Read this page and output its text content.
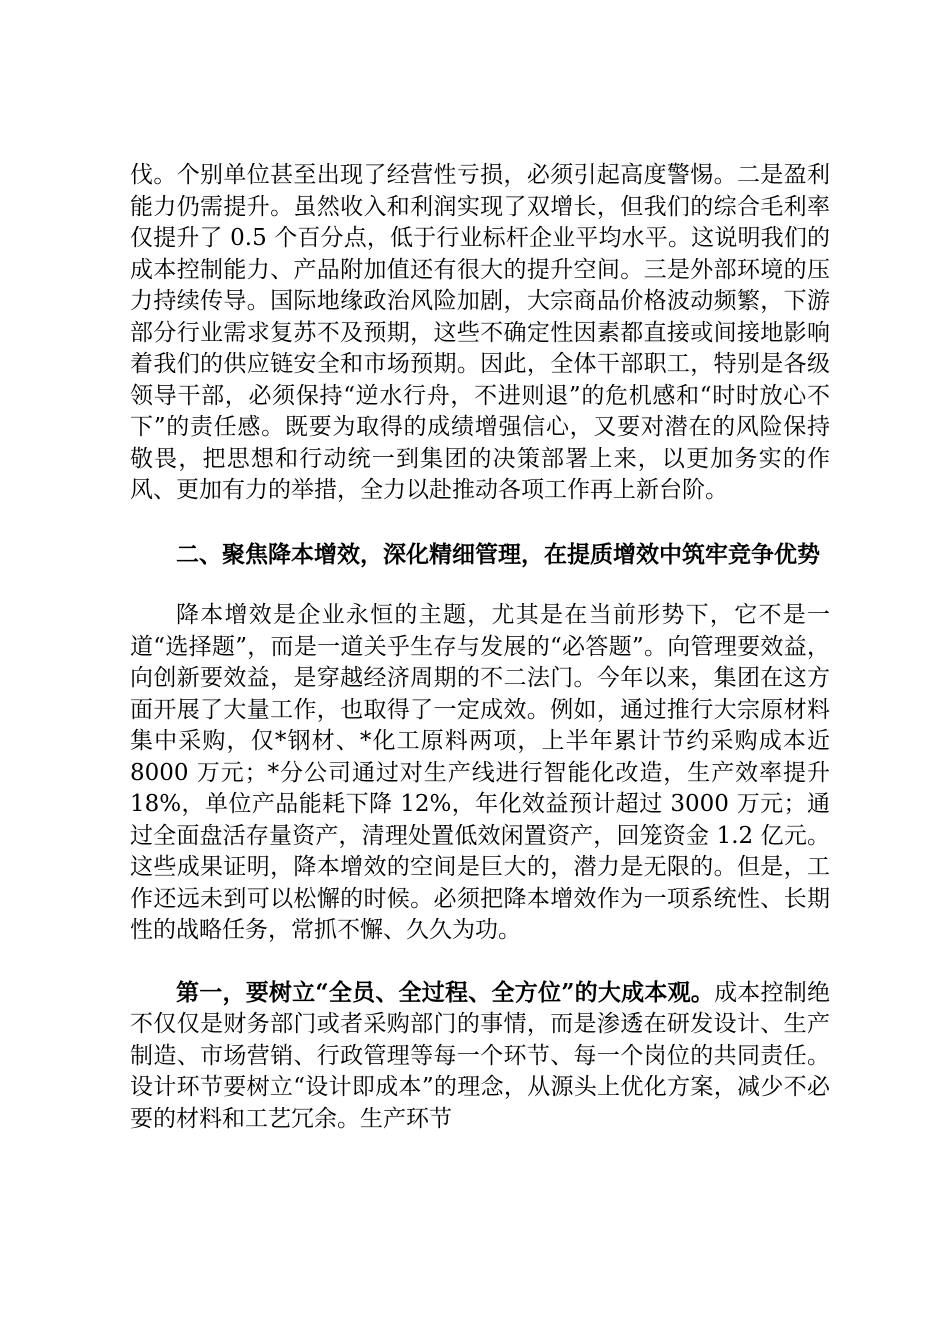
伐。个别单位甚至出现了经营性亏损，必须引起高度警惕。二是盈利能力仍需提升。虽然收入和利润实现了双增长，但我们的综合毛利率仅提升了 0.5 个百分点，低于行业标杆企业平均水平。这说明我们的成本控制能力、产品附加值还有很大的提升空间。三是外部环境的压力持续传导。国际地缘政治风险加剧，大宗商品价格波动频繁，下游部分行业需求复苏不及预期，这些不确定性因素都直接或间接地影响着我们的供应链安全和市场预期。因此，全体干部职工，特别是各级领导干部，必须保持“逆水行舟，不进则退”的危机感和“时时放心不下”的责任感。既要为取得的成绩增强信心，又要对潜在的风险保持敬畏，把思想和行动统一到集团的决策部署上来，以更加务实的作风、更加有力的举措，全力以赴推动各项工作再上新台阶。

二、聚焦降本增效，深化精细管理，在提质增效中筑牢竞争优势

降本增效是企业永恒的主题，尤其是在当前形势下，它不是一道“选择题”，而是一道关乎生存与发展的“必答题”。向管理要效益，向创新要效益，是穿越经济周期的不二法门。今年以来，集团在这方面开展了大量工作，也取得了一定成效。例如，通过推行大宗原材料集中采购，仅*钢材、*化工原料两项，上半年累计节约采购成本近 8000 万元；*分公司通过对生产线进行智能化改造，生产效率提升 18%，单位产品能耗下降 12%，年化效益预计超过 3000 万元；通过全面盘活存量资产，清理处置低效闲置资产，回笼资金 1.2 亿元。这些成果证明，降本增效的空间是巨大的，潜力是无限的。但是，工作还远未到可以松懈的时候。必须把降本增效作为一项系统性、长期性的战略任务，常抓不懈、久久为功。

第一，要树立“全员、全过程、全方位”的大成本观。成本控制绝不仅仅是财务部门或者采购部门的事情，而是渗透在研发设计、生产制造、市场营销、行政管理等每一个环节、每一个岗位的共同责任。设计环节要树立“设计即成本”的理念，从源头上优化方案，减少不必要的材料和工艺冗余。生产环节
